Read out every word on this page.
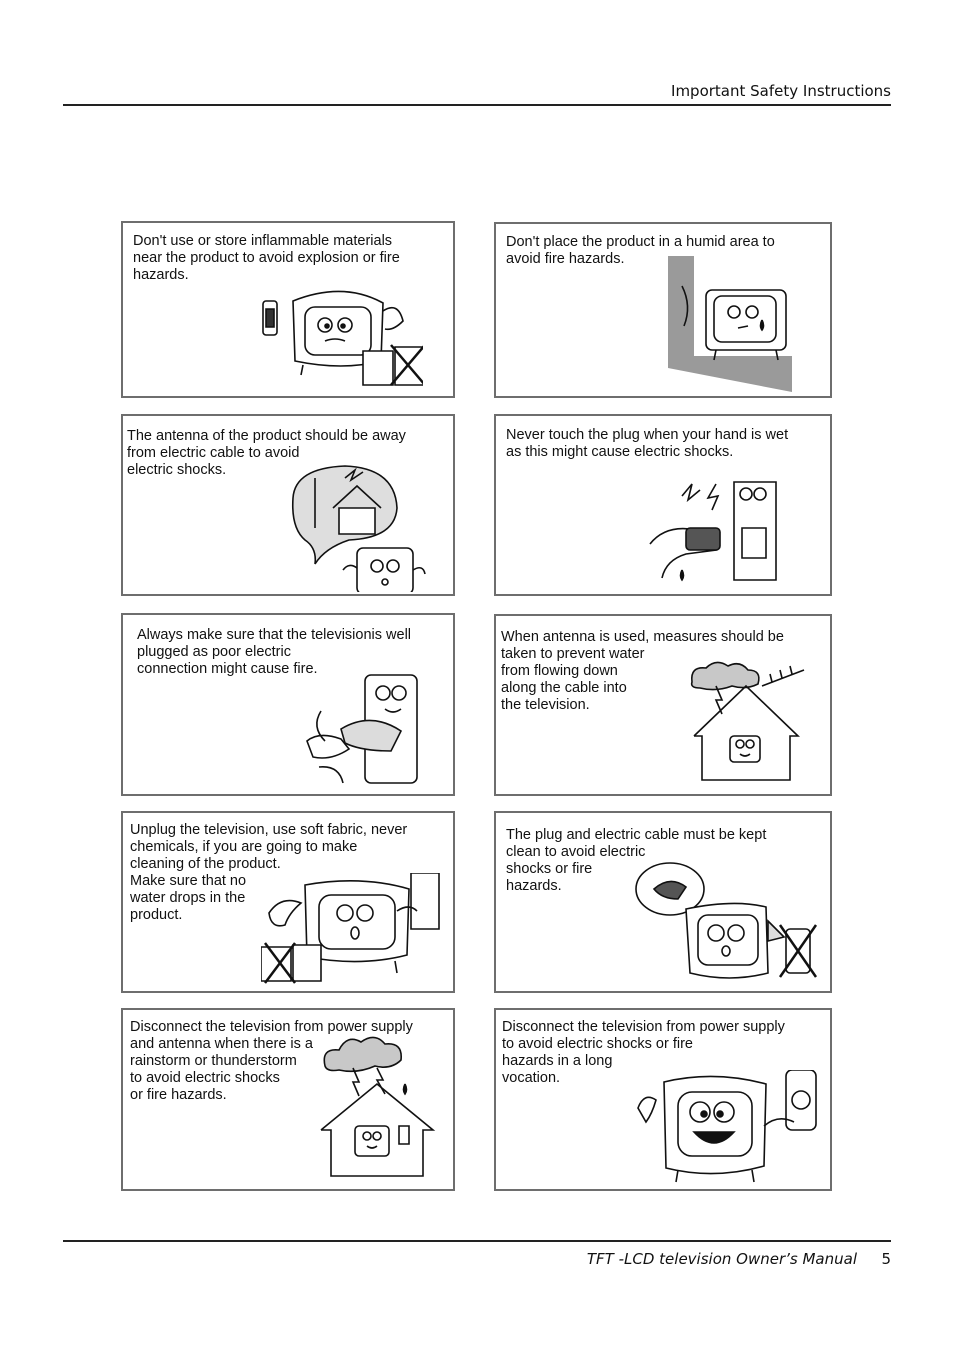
Important Safety Instructions
Don't use or store inflammable materials
near the product to avoid explosion or fire
hazards.
Don't place the product in a humid area to
avoid fire hazards.
The antenna of the product should be away
from electric cable to avoid
electric shocks.
Never touch the plug when your hand is wet
as this might cause electric shocks.
Always make sure that the televisionis well
plugged as poor electric
connection might cause fire.
When antenna is used, measures should be
taken to prevent water
from flowing down
along the cable into
the television.
Unplug the television, use soft fabric, never
chemicals, if you are going to make
cleaning of the product.
Make sure that no
water drops in the
product.
The plug and electric cable must be kept
clean to avoid electric
shocks or fire
hazards.
Disconnect the television from power supply
and antenna when there is a
rainstorm or thunderstorm
to avoid electric shocks
or fire hazards.
Disconnect the television from power supply
to avoid electric shocks or fire
hazards in a long
vocation.
TFT -LCD television Owner’s Manual 5
